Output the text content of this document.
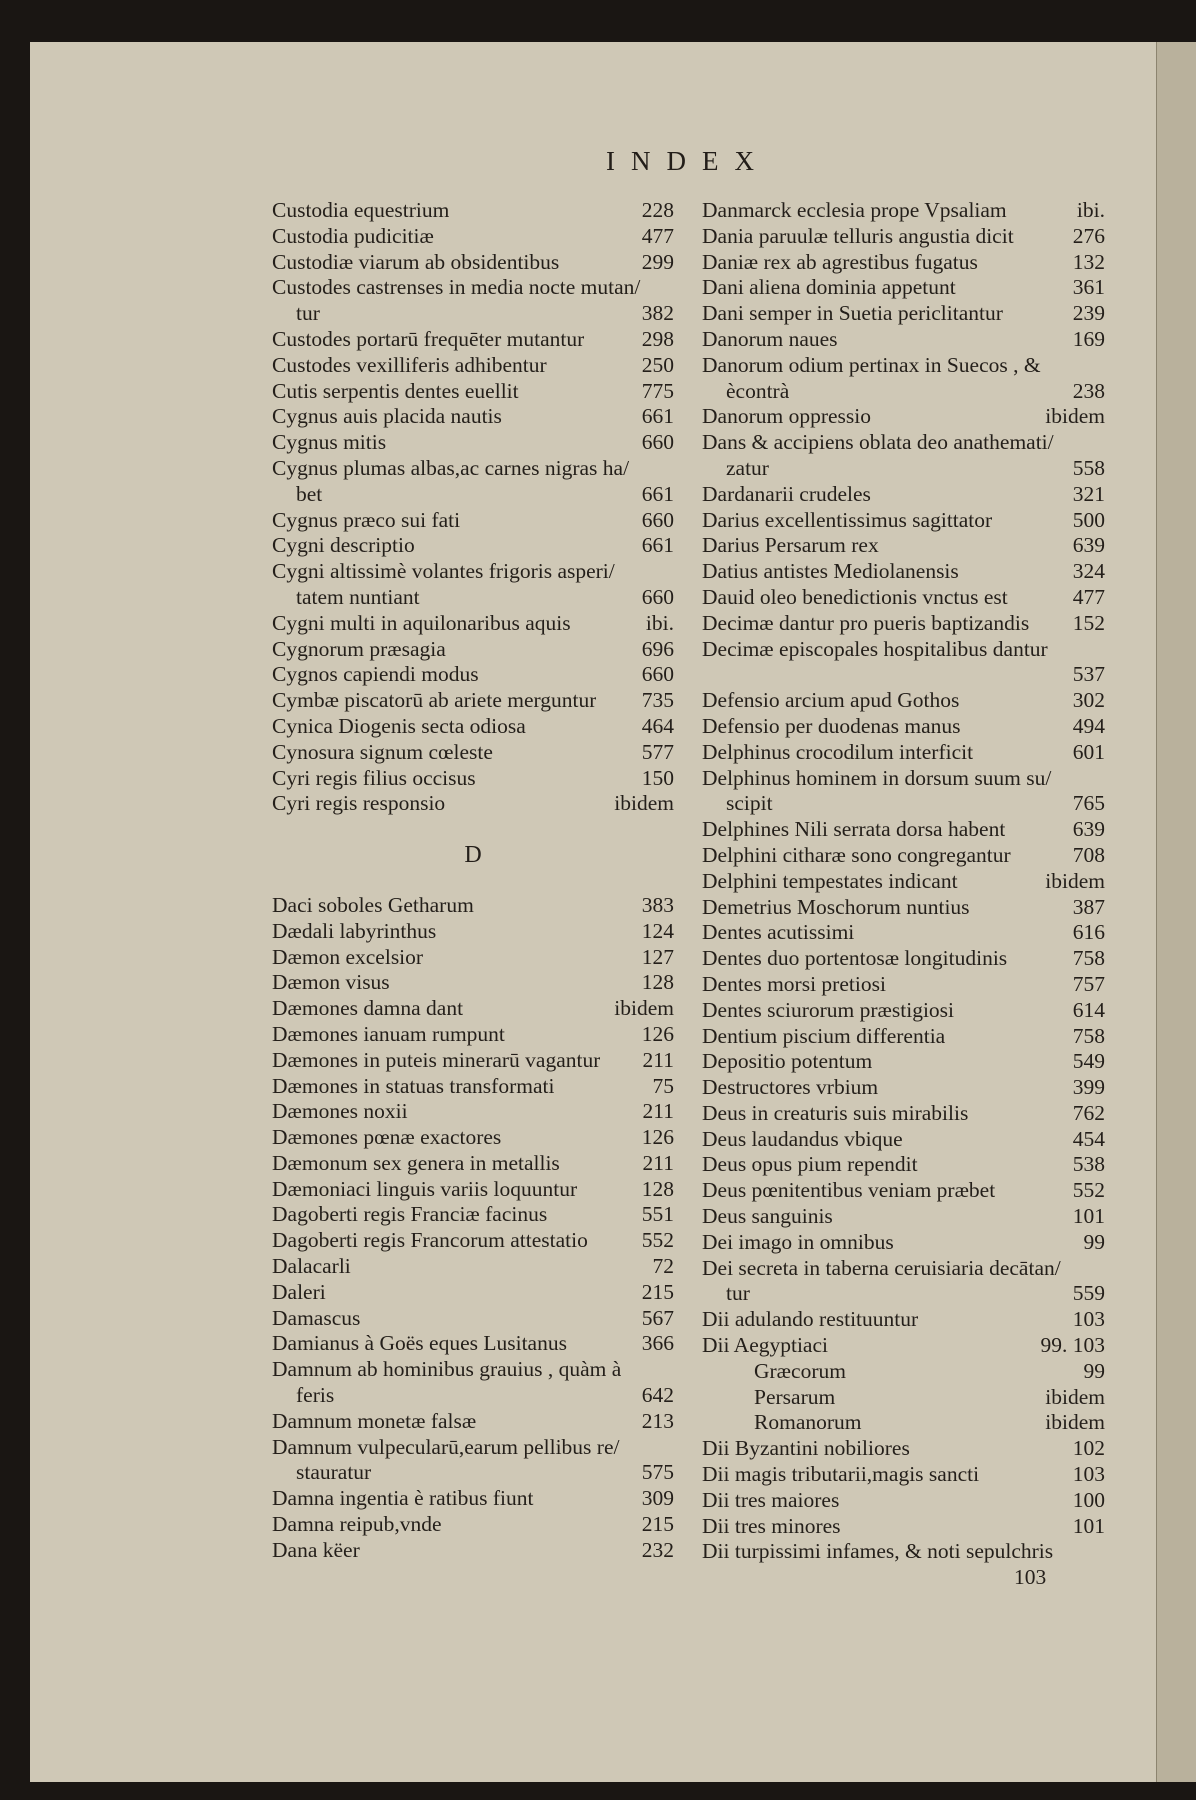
INDEX
Custodia equestrium	228
Custodia pudicitiæ	477
Custodiæ viarum ab obsidentibus	299
Custodes castrenses in media nocte mutan/
tur	382
Custodes portarū frequēter mutantur	298
Custodes vexilliferis adhibentur	250
Cutis serpentis dentes euellit	775
Cygnus auis placida nautis	661
Cygnus mitis	660
Cygnus plumas albas,ac carnes nigras ha/
bet	661
Cygnus præco sui fati	660
Cygni descriptio	661
Cygni altissimè volantes frigoris asperi/
tatem nuntiant	660
Cygni multi in aquilonaribus aquis	ibi.
Cygnorum præsagia	696
Cygnos capiendi modus	660
Cymbæ piscatorū ab ariete merguntur	735
Cynica Diogenis secta odiosa	464
Cynosura signum cœleste	577
Cyri regis filius occisus	150
Cyri regis responsio	ibidem
D
Daci soboles Getharum	383
Dædali labyrinthus	124
Dæmon excelsior	127
Dæmon visus	128
Dæmones damna dant	ibidem
Dæmones ianuam rumpunt	126
Dæmones in puteis minerarū vagantur	211
Dæmones in statuas transformati	75
Dæmones noxii	211
Dæmones pœnæ exactores	126
Dæmonum sex genera in metallis	211
Dæmoniaci linguis variis loquuntur	128
Dagoberti regis Franciæ facinus	551
Dagoberti regis Francorum attestatio	552
Dalacarli	72
Daleri	215
Damascus	567
Damianus à Goës eques Lusitanus	366
Damnum ab hominibus grauius , quàm à
feris	642
Damnum monetæ falsæ	213
Damnum vulpecularū,earum pellibus re/
stauratur	575
Damna ingentia è ratibus fiunt	309
Damna reipub,vnde	215
Dana këer	232
Danmarck ecclesia prope Vpsaliam	ibi.
Dania paruulæ telluris angustia dicit	276
Daniæ rex ab agrestibus fugatus	132
Dani aliena dominia appetunt	361
Dani semper in Suetia periclitantur	239
Danorum naues	169
Danorum odium pertinax in Suecos , &
ècontrà	238
Danorum oppressio	ibidem
Dans & accipiens oblata deo anathemati/
zatur	558
Dardanarii crudeles	321
Darius excellentissimus sagittator	500
Darius Persarum rex	639
Datius antistes Mediolanensis	324
Dauid oleo benedictionis vnctus est	477
Decimæ dantur pro pueris baptizandis	152
Decimæ episcopales hospitalibus dantur
537
Defensio arcium apud Gothos	302
Defensio per duodenas manus	494
Delphinus crocodilum interficit	601
Delphinus hominem in dorsum suum su/
scipit	765
Delphines Nili serrata dorsa habent	639
Delphini citharæ sono congregantur	708
Delphini tempestates indicant	ibidem
Demetrius Moschorum nuntius	387
Dentes acutissimi	616
Dentes duo portentosæ longitudinis	758
Dentes morsi pretiosi	757
Dentes sciurorum præstigiosi	614
Dentium piscium differentia	758
Depositio potentum	549
Destructores vrbium	399
Deus in creaturis suis mirabilis	762
Deus laudandus vbique	454
Deus opus pium rependit	538
Deus pœnitentibus veniam præbet	552
Deus sanguinis	101
Dei imago in omnibus	99
Dei secreta in taberna ceruisiaria decātan/
tur	559
Dii adulando restituuntur	103
Dii Aegyptiaci	99. 103
Græcorum	99
Persarum	ibidem
Romanorum	ibidem
Dii Byzantini nobiliores	102
Dii magis tributarii,magis sancti	103
Dii tres maiores	100
Dii tres minores	101
Dii turpissimi infames, & noti sepulchris
103
